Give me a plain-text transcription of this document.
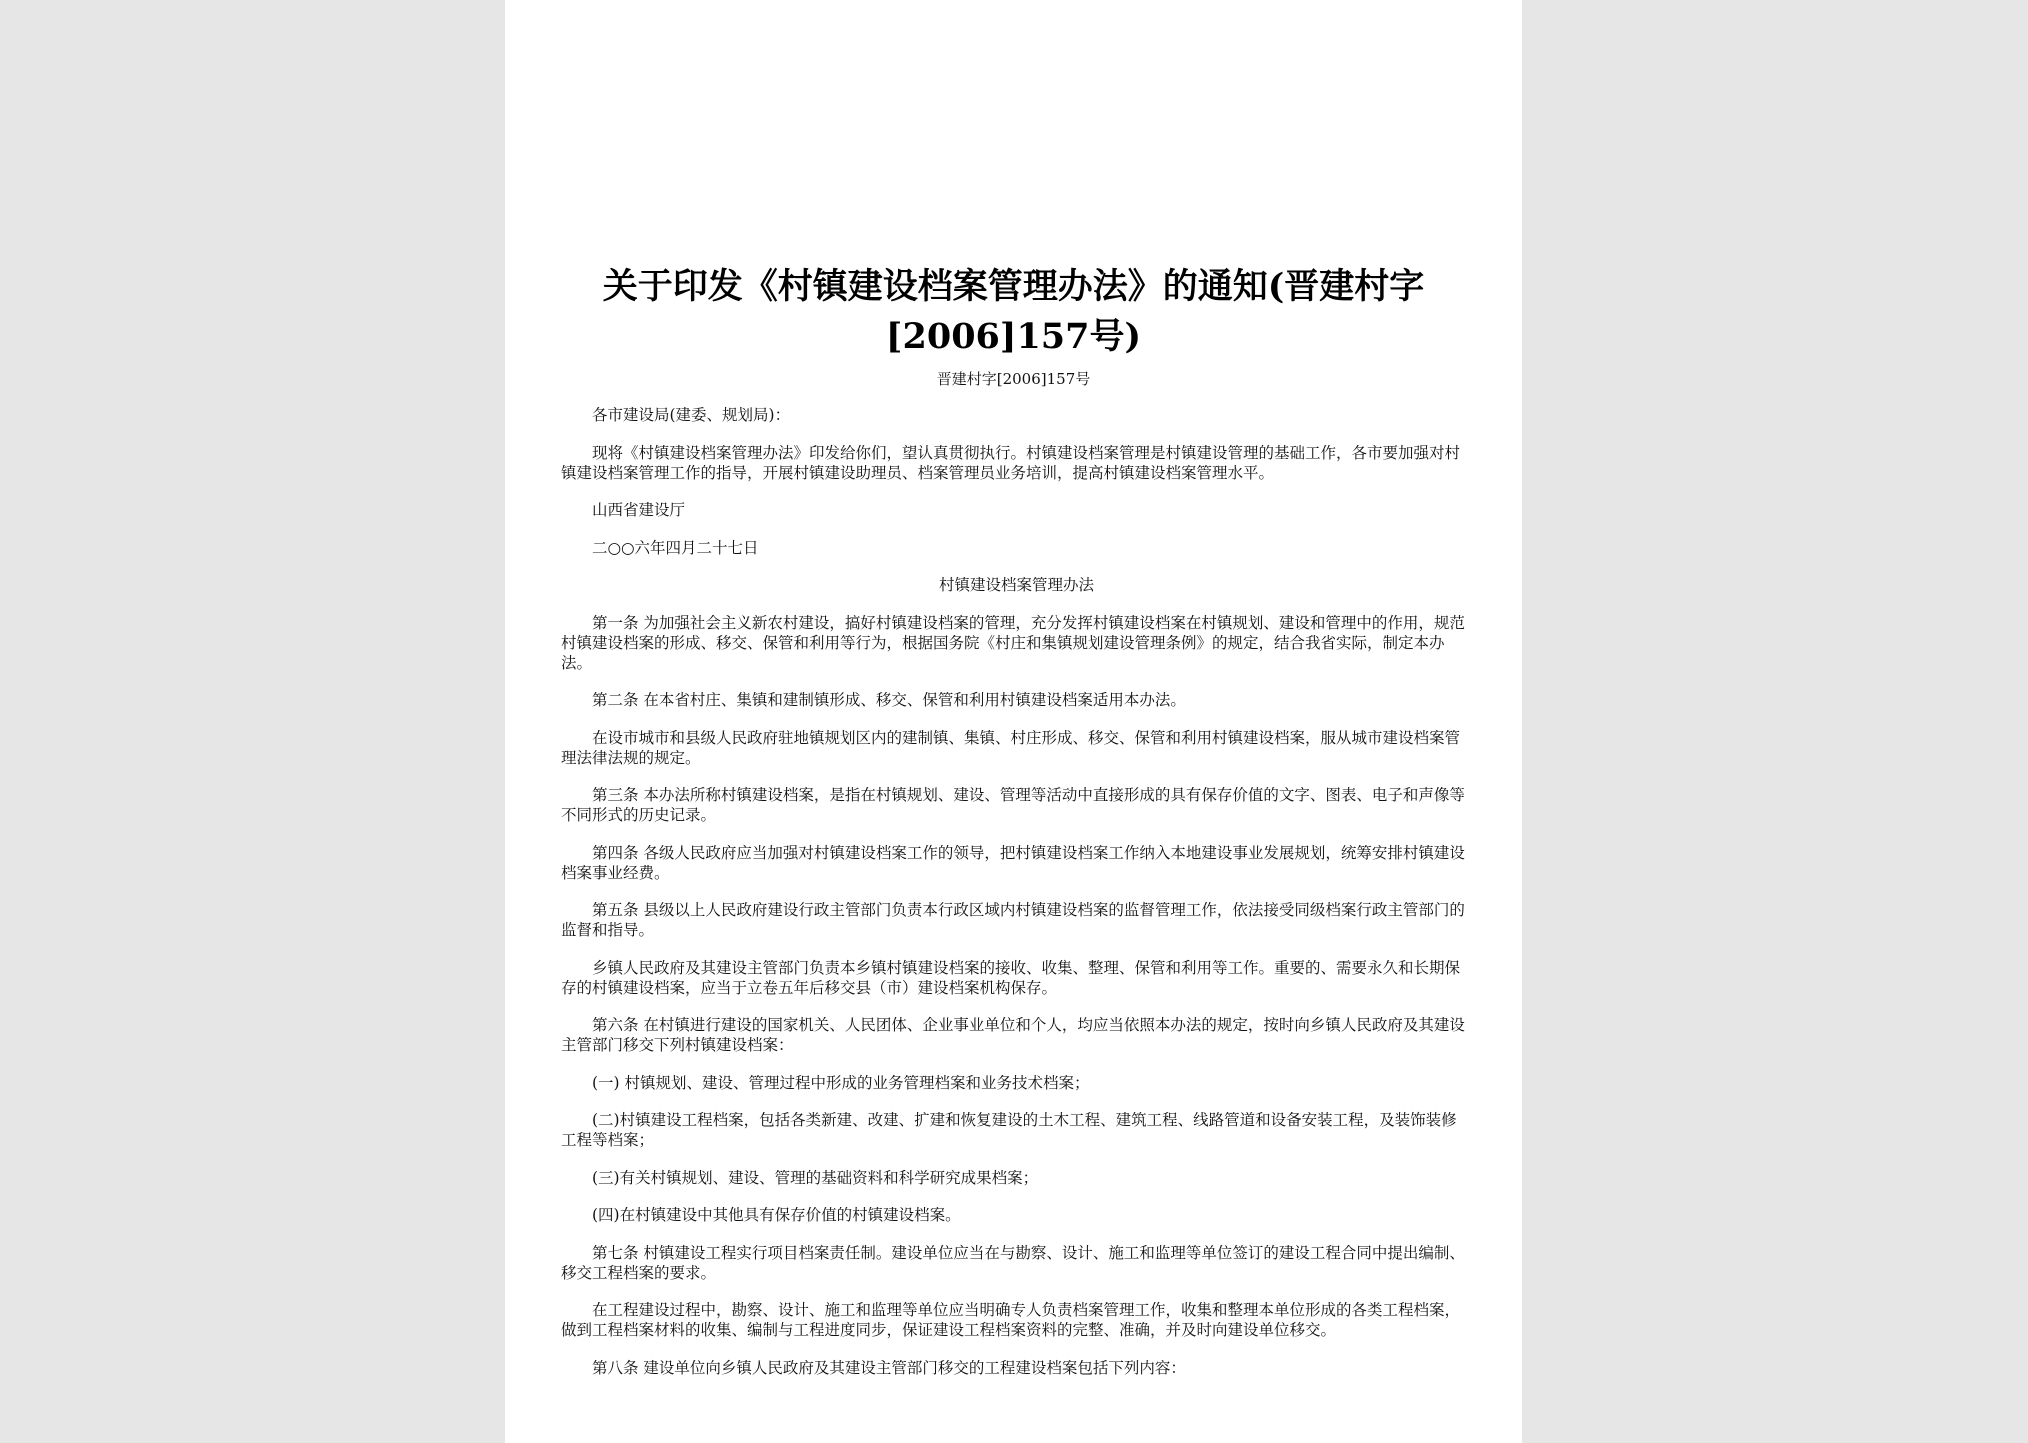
关于印发《村镇建设档案管理办法》的通知(晋建村字
[2006]157号)
晋建村字[2006]157号

各市建设局(建委、规划局)：

现将《村镇建设档案管理办法》印发给你们，望认真贯彻执行。村镇建设档案管理是村镇建设管理的基础工作，各市要加强对村镇建设档案管理工作的指导，开展村镇建设助理员、档案管理员业务培训，提高村镇建设档案管理水平。

山西省建设厅

二○○六年四月二十七日

村镇建设档案管理办法

第一条 为加强社会主义新农村建设，搞好村镇建设档案的管理，充分发挥村镇建设档案在村镇规划、建设和管理中的作用，规范村镇建设档案的形成、移交、保管和利用等行为，根据国务院《村庄和集镇规划建设管理条例》的规定，结合我省实际，制定本办法。

第二条 在本省村庄、集镇和建制镇形成、移交、保管和利用村镇建设档案适用本办法。

在设市城市和县级人民政府驻地镇规划区内的建制镇、集镇、村庄形成、移交、保管和利用村镇建设档案，服从城市建设档案管理法律法规的规定。

第三条 本办法所称村镇建设档案，是指在村镇规划、建设、管理等活动中直接形成的具有保存价值的文字、图表、电子和声像等不同形式的历史记录。

第四条 各级人民政府应当加强对村镇建设档案工作的领导，把村镇建设档案工作纳入本地建设事业发展规划，统筹安排村镇建设档案事业经费。

第五条 县级以上人民政府建设行政主管部门负责本行政区域内村镇建设档案的监督管理工作，依法接受同级档案行政主管部门的监督和指导。

乡镇人民政府及其建设主管部门负责本乡镇村镇建设档案的接收、收集、整理、保管和利用等工作。重要的、需要永久和长期保存的村镇建设档案，应当于立卷五年后移交县（市）建设档案机构保存。

第六条 在村镇进行建设的国家机关、人民团体、企业事业单位和个人，均应当依照本办法的规定，按时向乡镇人民政府及其建设主管部门移交下列村镇建设档案：

(一) 村镇规划、建设、管理过程中形成的业务管理档案和业务技术档案；

(二)村镇建设工程档案，包括各类新建、改建、扩建和恢复建设的土木工程、建筑工程、线路管道和设备安装工程，及装饰装修工程等档案；

(三)有关村镇规划、建设、管理的基础资料和科学研究成果档案；

(四)在村镇建设中其他具有保存价值的村镇建设档案。

第七条 村镇建设工程实行项目档案责任制。建设单位应当在与勘察、设计、施工和监理等单位签订的建设工程合同中提出编制、移交工程档案的要求。

在工程建设过程中，勘察、设计、施工和监理等单位应当明确专人负责档案管理工作，收集和整理本单位形成的各类工程档案，做到工程档案材料的收集、编制与工程进度同步，保证建设工程档案资料的完整、准确，并及时向建设单位移交。

第八条 建设单位向乡镇人民政府及其建设主管部门移交的工程建设档案包括下列内容：
